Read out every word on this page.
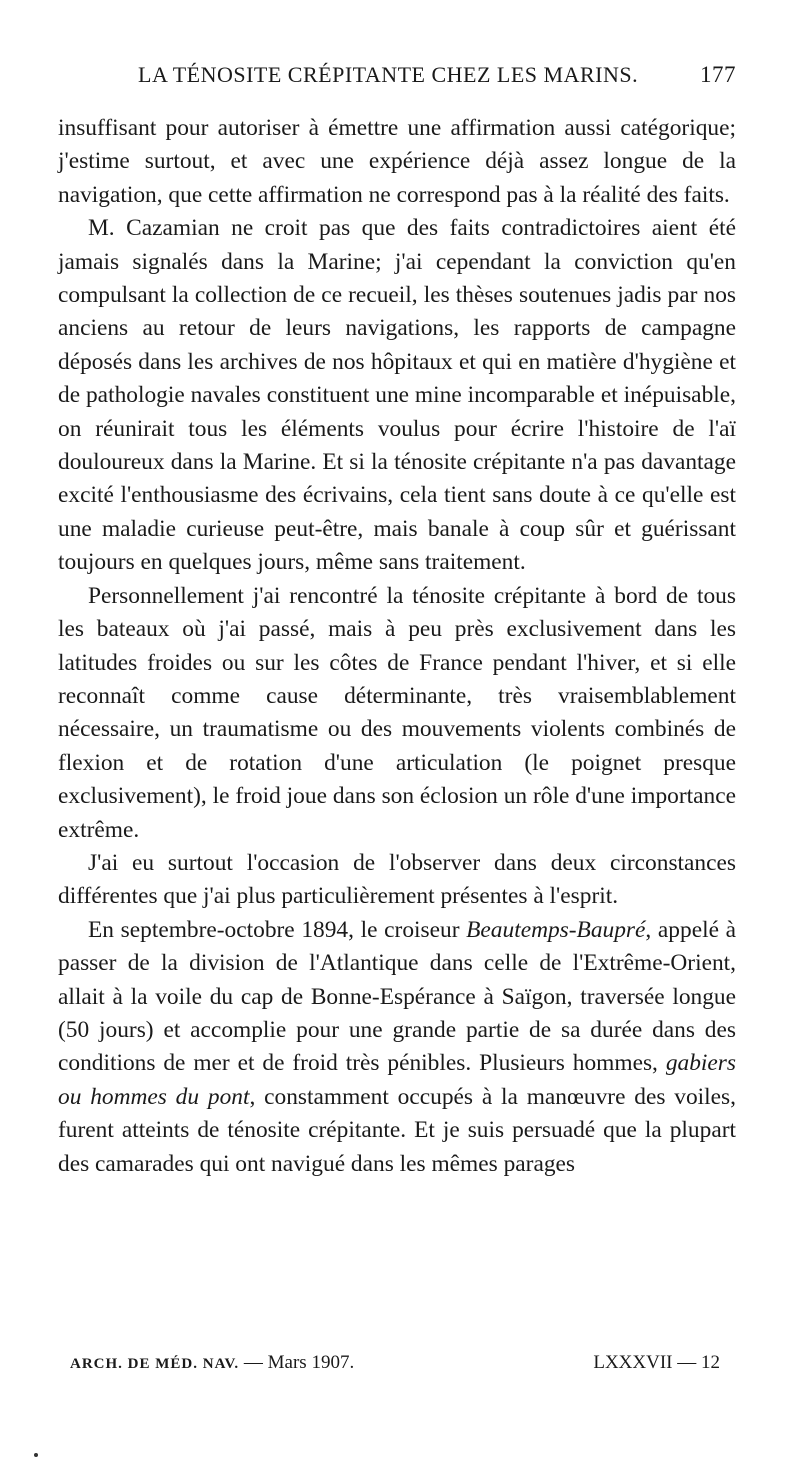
LA TÉNOSITE CRÉPITANTE CHEZ LES MARINS.	177

insuffisant pour autoriser à émettre une affirmation aussi catégorique; j'estime surtout, et avec une expérience déjà assez longue de la navigation, que cette affirmation ne correspond pas à la réalité des faits.

M. Cazamian ne croit pas que des faits contradictoires aient été jamais signalés dans la Marine; j'ai cependant la conviction qu'en compulsant la collection de ce recueil, les thèses soutenues jadis par nos anciens au retour de leurs navigations, les rapports de campagne déposés dans les archives de nos hôpitaux et qui en matière d'hygiène et de pathologie navales constituent une mine incomparable et inépuisable, on réunirait tous les éléments voulus pour écrire l'histoire de l'aï douloureux dans la Marine. Et si la ténosite crépitante n'a pas davantage excité l'enthousiasme des écrivains, cela tient sans doute à ce qu'elle est une maladie curieuse peut-être, mais banale à coup sûr et guérissant toujours en quelques jours, même sans traitement.

Personnellement j'ai rencontré la ténosite crépitante à bord de tous les bateaux où j'ai passé, mais à peu près exclusivement dans les latitudes froides ou sur les côtes de France pendant l'hiver, et si elle reconnaît comme cause déterminante, très vraisemblablement nécessaire, un traumatisme ou des mouvements violents combinés de flexion et de rotation d'une articulation (le poignet presque exclusivement), le froid joue dans son éclosion un rôle d'une importance extrême.

J'ai eu surtout l'occasion de l'observer dans deux circonstances différentes que j'ai plus particulièrement présentes à l'esprit.

En septembre-octobre 1894, le croiseur Beautemps-Baupré, appelé à passer de la division de l'Atlantique dans celle de l'Extrême-Orient, allait à la voile du cap de Bonne-Espérance à Saïgon, traversée longue (50 jours) et accomplie pour une grande partie de sa durée dans des conditions de mer et de froid très pénibles. Plusieurs hommes, gabiers ou hommes du pont, constamment occupés à la manœuvre des voiles, furent atteints de ténosite crépitante. Et je suis persuadé que la plupart des camarades qui ont navigué dans les mêmes parages

ARCH. DE MÉD. NAV. — Mars 1907.	LXXXVII — 12
